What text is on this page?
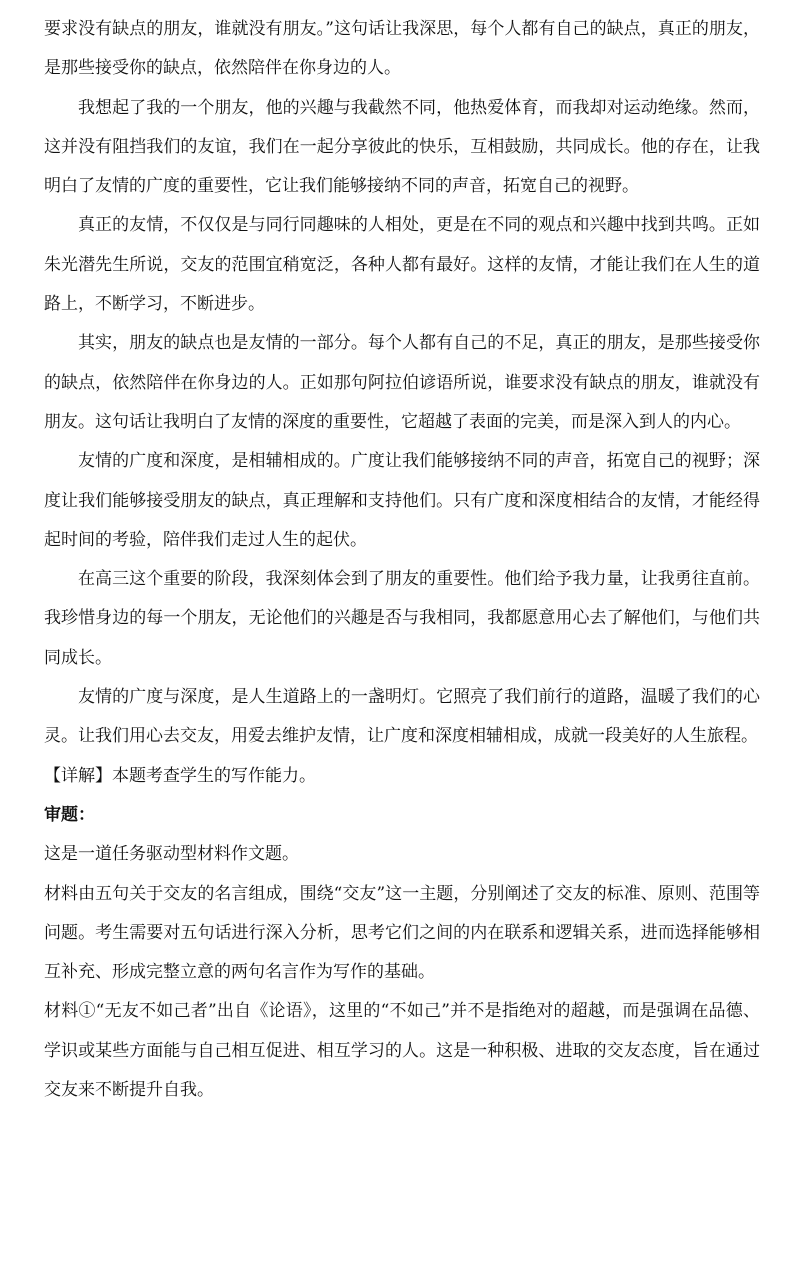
要求没有缺点的朋友，谁就没有朋友。”这句话让我深思，每个人都有自己的缺点，真正的朋友，是那些接受你的缺点，依然陪伴在你身边的人。

我想起了我的一个朋友，他的兴趣与我截然不同，他热爱体育，而我却对运动绝缘。然而，这并没有阻挡我们的友谊，我们在一起分享彼此的快乐，互相鼓励，共同成长。他的存在，让我明白了友情的广度的重要性，它让我们能够接纳不同的声音，拓宽自己的视野。

真正的友情，不仅仅是与同行同趣味的人相处，更是在不同的观点和兴趣中找到共鸣。正如朱光潜先生所说，交友的范围宜稍宽泛，各种人都有最好。这样的友情，才能让我们在人生的道路上，不断学习，不断进步。

其实，朋友的缺点也是友情的一部分。每个人都有自己的不足，真正的朋友，是那些接受你的缺点，依然陪伴在你身边的人。正如那句阿拉伯谚语所说，谁要求没有缺点的朋友，谁就没有朋友。这句话让我明白了友情的深度的重要性，它超越了表面的完美，而是深入到人的内心。

友情的广度和深度，是相辅相成的。广度让我们能够接纳不同的声音，拓宽自己的视野；深度让我们能够接受朋友的缺点，真正理解和支持他们。只有广度和深度相结合的友情，才能经得起时间的考验，陪伴我们走过人生的起伏。

在高三这个重要的阶段，我深刻体会到了朋友的重要性。他们给予我力量，让我勇往直前。我珍惜身边的每一个朋友，无论他们的兴趣是否与我相同，我都愿意用心去了解他们，与他们共同成长。

友情的广度与深度，是人生道路上的一盏明灯。它照亮了我们前行的道路，温暖了我们的心灵。让我们用心去交友，用爱去维护友情，让广度和深度相辅相成，成就一段美好的人生旅程。

【详解】本题考查学生的写作能力。

审题：

这是一道任务驱动型材料作文题。

材料由五句关于交友的名言组成，围绕“交友”这一主题，分别阐述了交友的标准、原则、范围等问题。考生需要对五句话进行深入分析，思考它们之间的内在联系和逻辑关系，进而选择能够相互补充、形成完整立意的两句名言作为写作的基础。

材料①“无友不如己者”出自《论语》，这里的“不如己”并不是指绝对的超越，而是强调在品德、学识或某些方面能与自己相互促进、相互学习的人。这是一种积极、进取的交友态度，旨在通过交友来不断提升自我。
